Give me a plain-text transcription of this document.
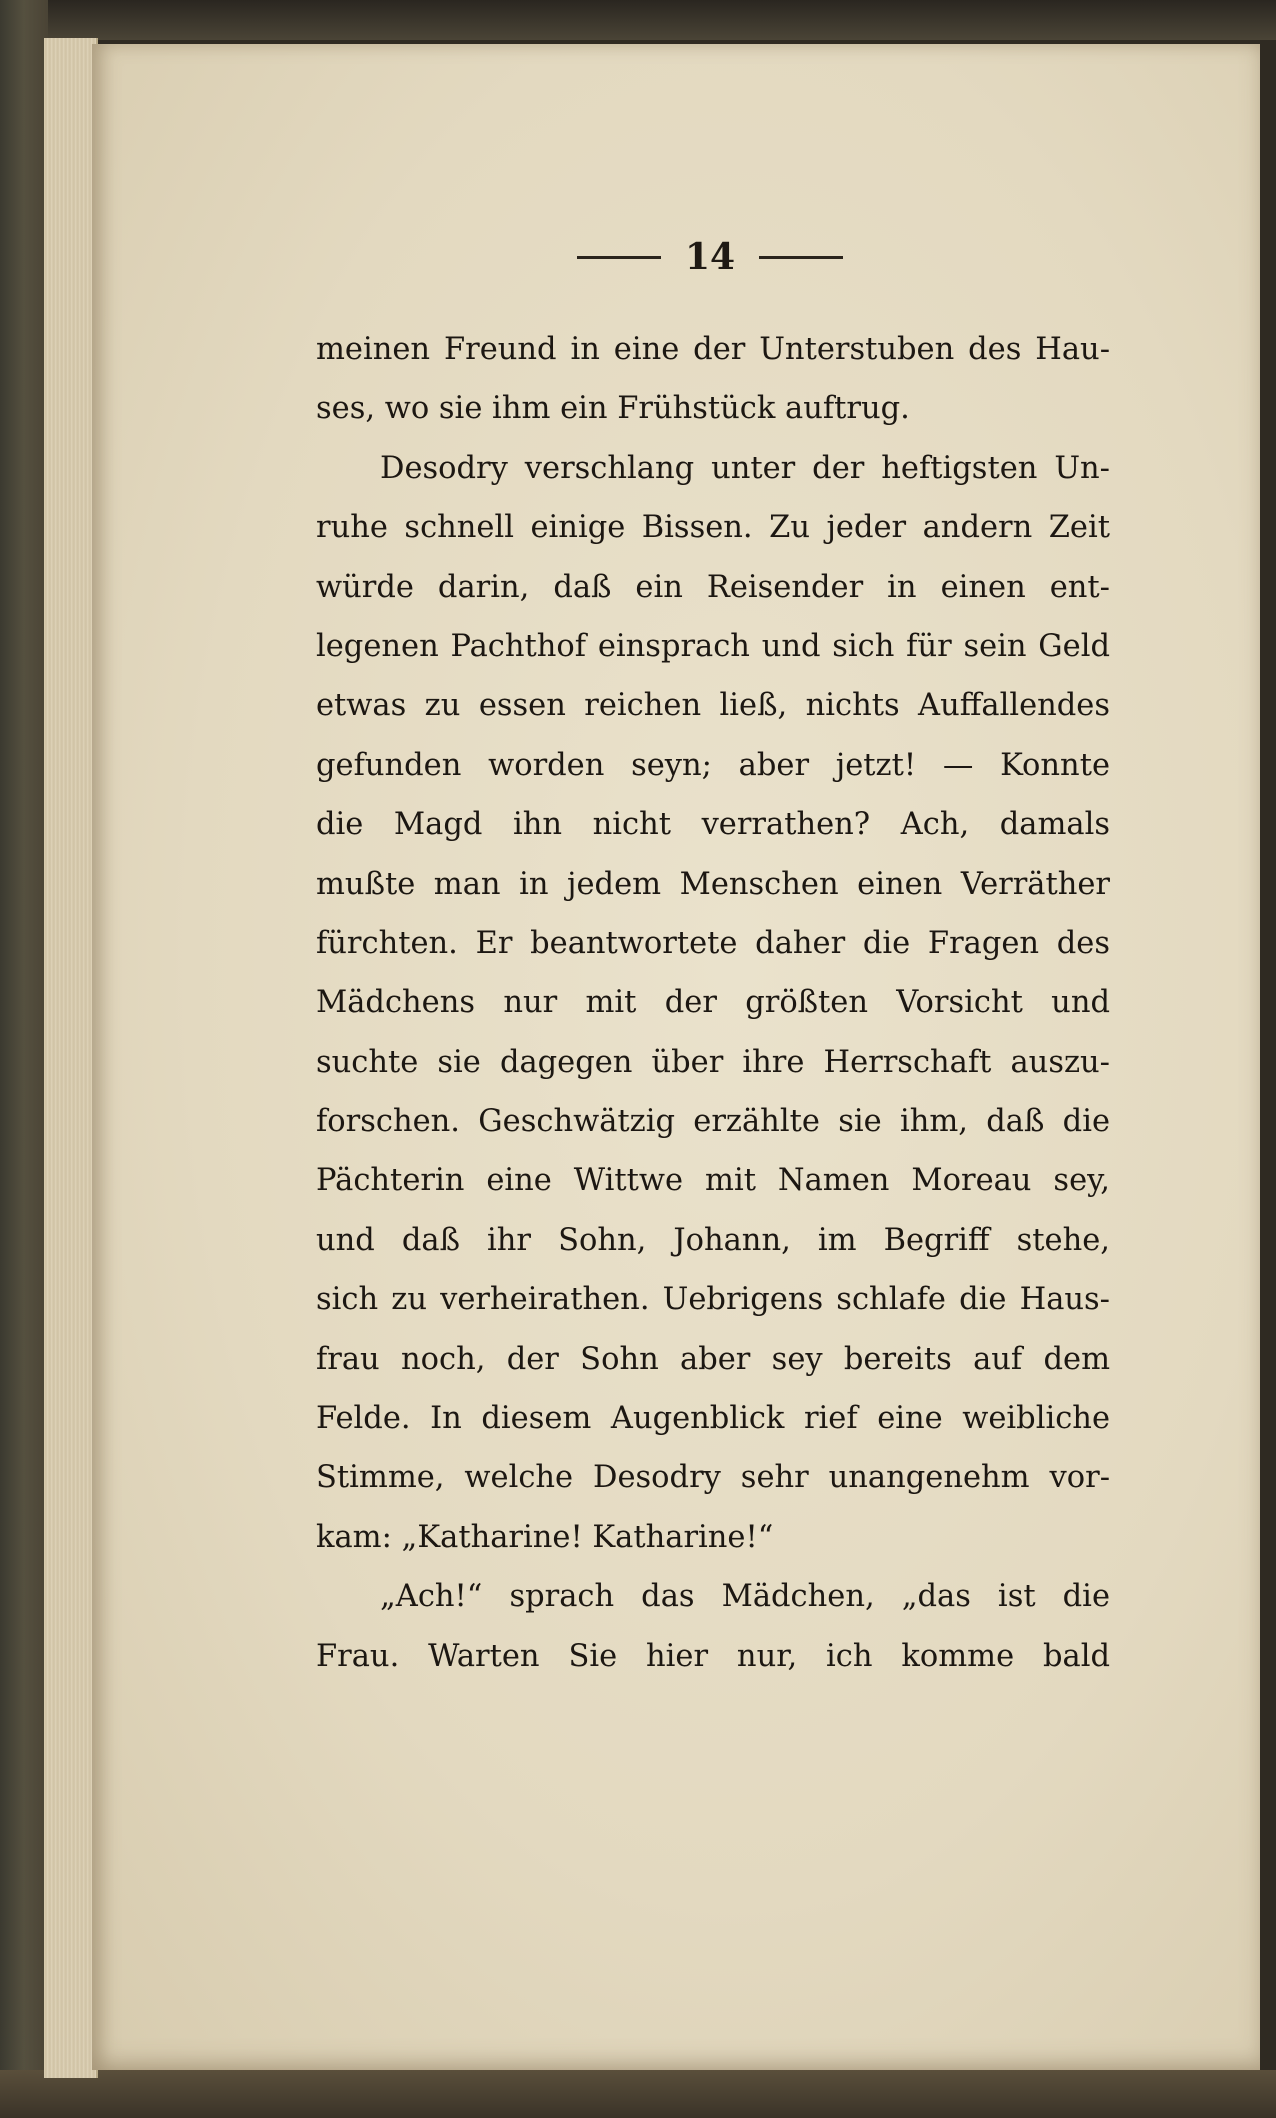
14
meinen Freund in eine der Unterstuben des Hau-
ses, wo sie ihm ein Frühstück auftrug.
Desodry verschlang unter der heftigsten Un-
ruhe schnell einige Bissen. Zu jeder andern Zeit
würde darin, daß ein Reisender in einen ent-
legenen Pachthof einsprach und sich für sein Geld
etwas zu essen reichen ließ, nichts Auffallendes
gefunden worden seyn; aber jetzt! — Konnte
die Magd ihn nicht verrathen? Ach, damals
mußte man in jedem Menschen einen Verräther
fürchten. Er beantwortete daher die Fragen des
Mädchens nur mit der größten Vorsicht und
suchte sie dagegen über ihre Herrschaft auszu-
forschen. Geschwätzig erzählte sie ihm, daß die
Pächterin eine Wittwe mit Namen Moreau sey,
und daß ihr Sohn, Johann, im Begriff stehe,
sich zu verheirathen. Uebrigens schlafe die Haus-
frau noch, der Sohn aber sey bereits auf dem
Felde. In diesem Augenblick rief eine weibliche
Stimme, welche Desodry sehr unangenehm vor-
kam: „Katharine! Katharine!“
„Ach!“ sprach das Mädchen, „das ist die
Frau. Warten Sie hier nur, ich komme bald
